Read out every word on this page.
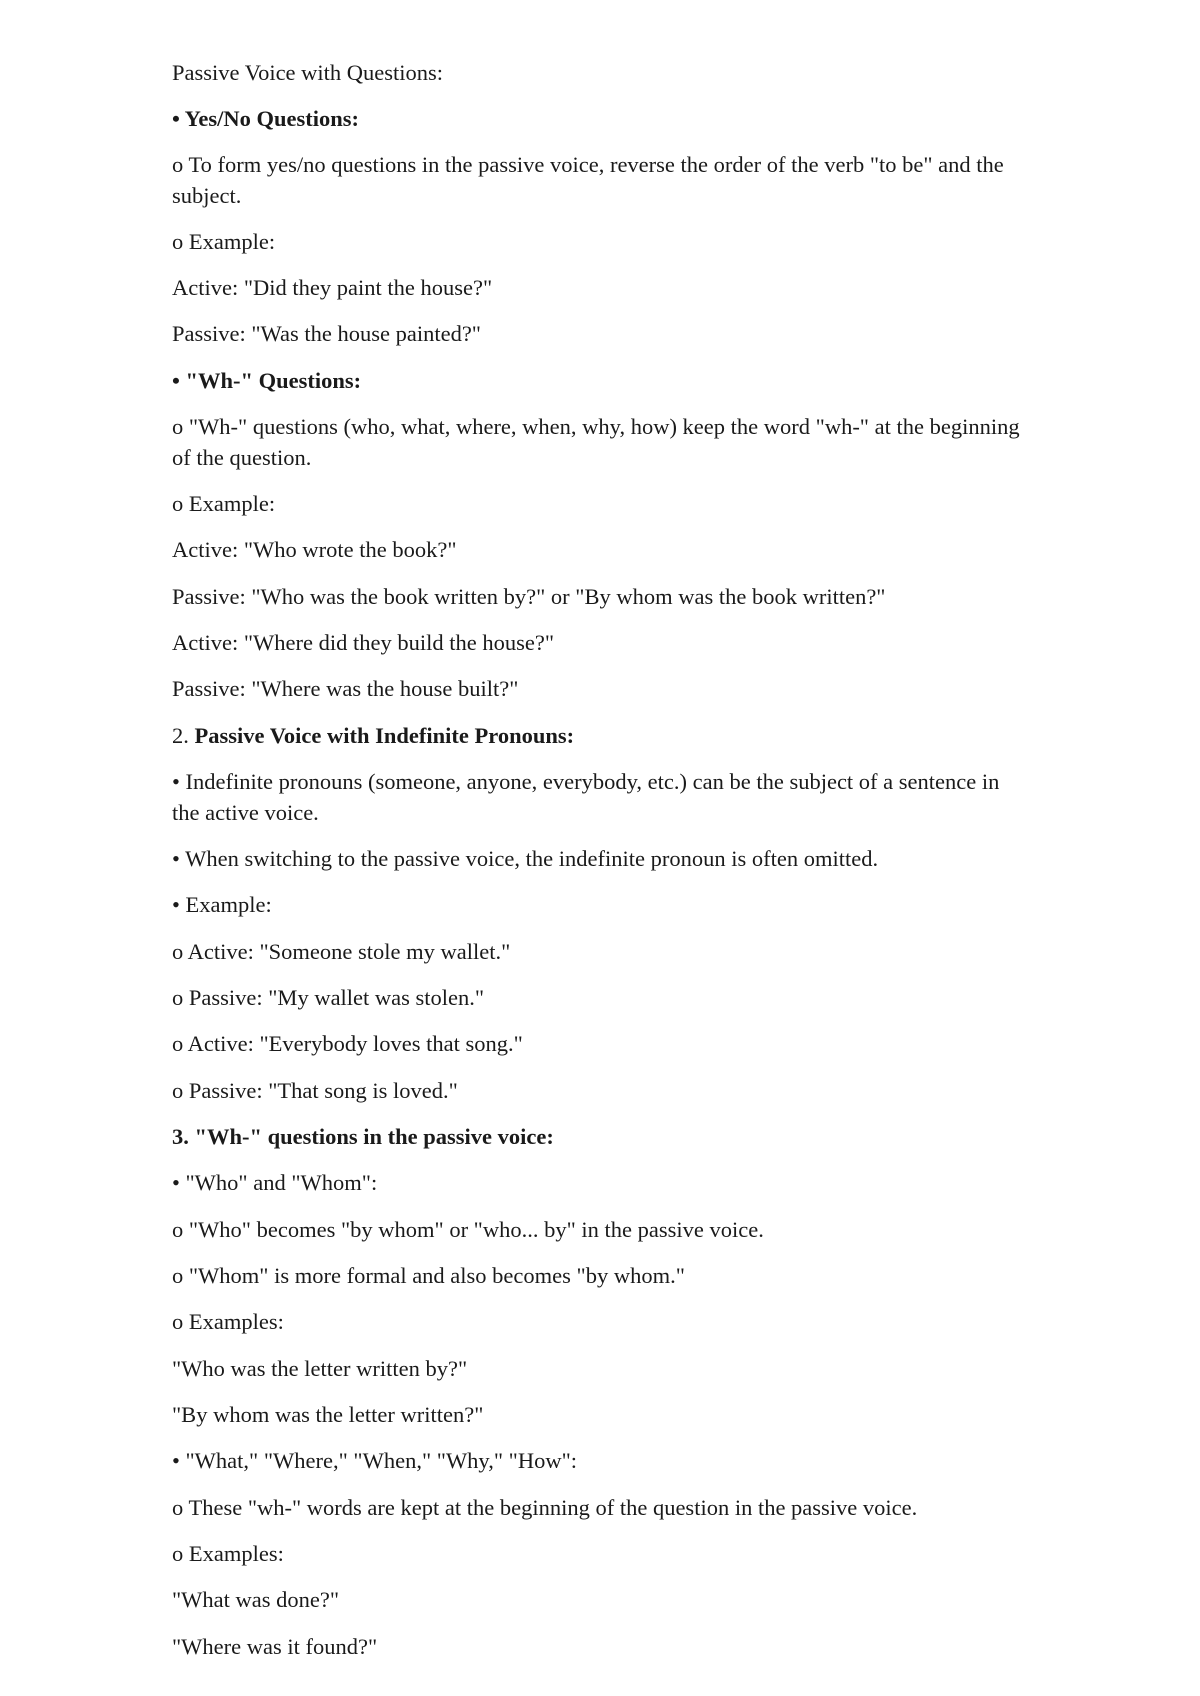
Passive Voice with Questions:

• Yes/No Questions:

o To form yes/no questions in the passive voice, reverse the order of the verb "to be" and the subject.

o Example:

Active: "Did they paint the house?"

Passive: "Was the house painted?"

• "Wh-" Questions:

o "Wh-" questions (who, what, where, when, why, how) keep the word "wh-" at the beginning of the question.

o Example:

Active: "Who wrote the book?"

Passive: "Who was the book written by?" or "By whom was the book written?"

Active: "Where did they build the house?"

Passive: "Where was the house built?"

2. Passive Voice with Indefinite Pronouns:

• Indefinite pronouns (someone, anyone, everybody, etc.) can be the subject of a sentence in the active voice.

• When switching to the passive voice, the indefinite pronoun is often omitted.

• Example:

o Active: "Someone stole my wallet."

o Passive: "My wallet was stolen."

o Active: "Everybody loves that song."

o Passive: "That song is loved."

3. "Wh-" questions in the passive voice:

• "Who" and "Whom":

o "Who" becomes "by whom" or "who... by" in the passive voice.

o "Whom" is more formal and also becomes "by whom."

o Examples:

"Who was the letter written by?"

"By whom was the letter written?"

• "What," "Where," "When," "Why," "How":

o These "wh-" words are kept at the beginning of the question in the passive voice.

o Examples:

"What was done?"

"Where was it found?"
